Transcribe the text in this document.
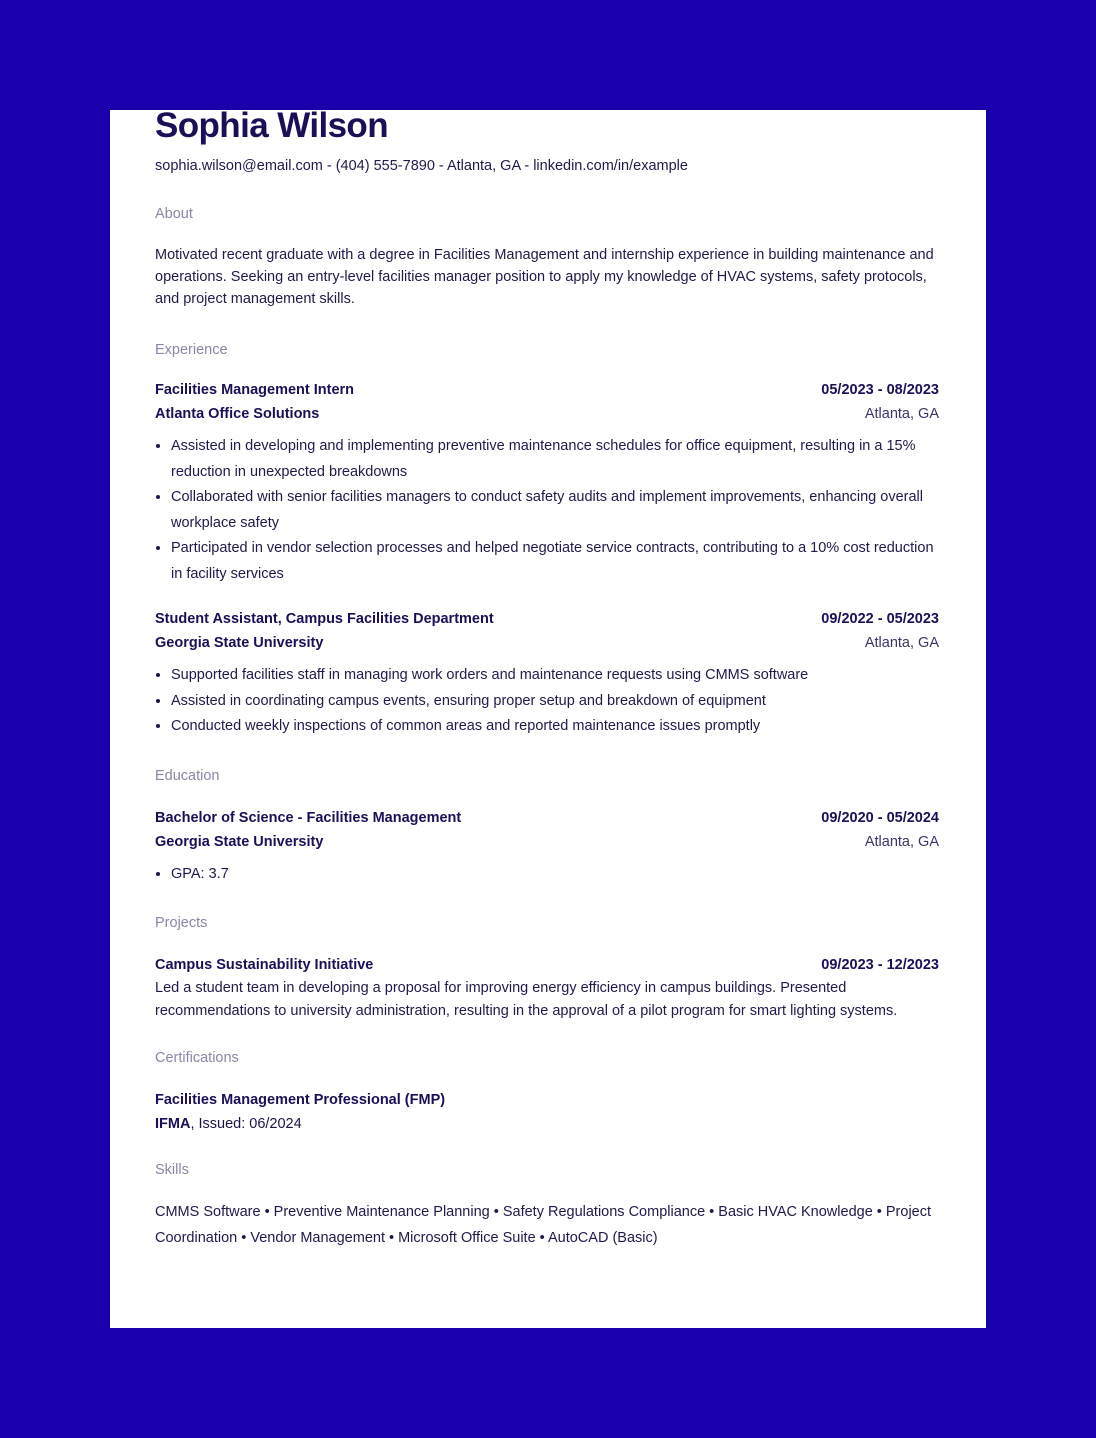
Sophia Wilson
sophia.wilson@email.com - (404) 555-7890 - Atlanta, GA - linkedin.com/in/example
About
Motivated recent graduate with a degree in Facilities Management and internship experience in building maintenance and operations. Seeking an entry-level facilities manager position to apply my knowledge of HVAC systems, safety protocols, and project management skills.
Experience
Facilities Management Intern	05/2023 - 08/2023
Atlanta Office Solutions	Atlanta, GA
• Assisted in developing and implementing preventive maintenance schedules for office equipment, resulting in a 15% reduction in unexpected breakdowns
• Collaborated with senior facilities managers to conduct safety audits and implement improvements, enhancing overall workplace safety
• Participated in vendor selection processes and helped negotiate service contracts, contributing to a 10% cost reduction in facility services
Student Assistant, Campus Facilities Department	09/2022 - 05/2023
Georgia State University	Atlanta, GA
• Supported facilities staff in managing work orders and maintenance requests using CMMS software
• Assisted in coordinating campus events, ensuring proper setup and breakdown of equipment
• Conducted weekly inspections of common areas and reported maintenance issues promptly
Education
Bachelor of Science - Facilities Management	09/2020 - 05/2024
Georgia State University	Atlanta, GA
• GPA: 3.7
Projects
Campus Sustainability Initiative	09/2023 - 12/2023
Led a student team in developing a proposal for improving energy efficiency in campus buildings. Presented recommendations to university administration, resulting in the approval of a pilot program for smart lighting systems.
Certifications
Facilities Management Professional (FMP)
IFMA, Issued: 06/2024
Skills
CMMS Software • Preventive Maintenance Planning • Safety Regulations Compliance • Basic HVAC Knowledge • Project Coordination • Vendor Management • Microsoft Office Suite • AutoCAD (Basic)
